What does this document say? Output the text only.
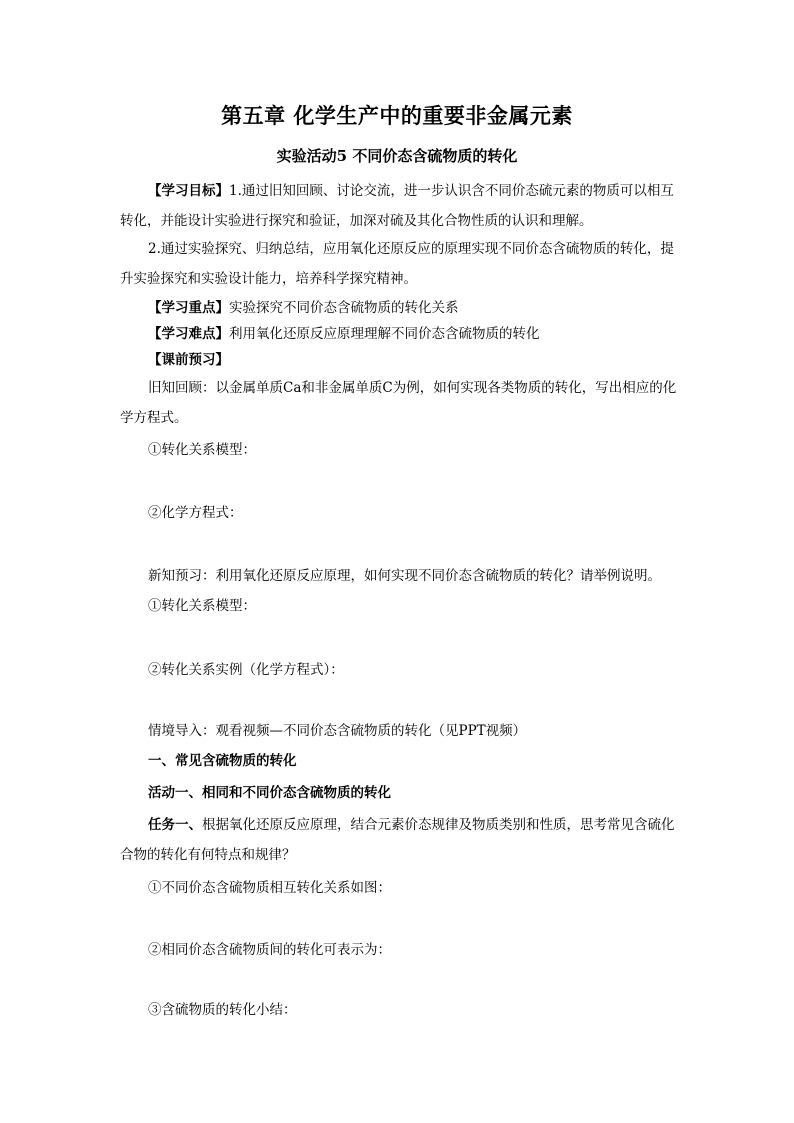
第五章 化学生产中的重要非金属元素
实验活动5 不同价态含硫物质的转化

【学习目标】1.通过旧知回顾、讨论交流，进一步认识含不同价态硫元素的物质可以相互转化，并能设计实验进行探究和验证，加深对硫及其化合物性质的认识和理解。

2.通过实验探究、归纳总结，应用氧化还原反应的原理实现不同价态含硫物质的转化，提升实验探究和实验设计能力，培养科学探究精神。

【学习重点】实验探究不同价态含硫物质的转化关系
【学习难点】利用氧化还原反应原理理解不同价态含硫物质的转化
【课前预习】

旧知回顾：以金属单质Ca和非金属单质C为例，如何实现各类物质的转化，写出相应的化学方程式。

①转化关系模型：
②化学方程式：
新知预习：利用氧化还原反应原理，如何实现不同价态含硫物质的转化？请举例说明。
①转化关系模型：
②转化关系实例（化学方程式）：
情境导入：观看视频—不同价态含硫物质的转化（见PPT视频）
一、常见含硫物质的转化
活动一、相同和不同价态含硫物质的转化

任务一、根据氧化还原反应原理，结合元素价态规律及物质类别和性质，思考常见含硫化合物的转化有何特点和规律？

①不同价态含硫物质相互转化关系如图：
②相同价态含硫物质间的转化可表示为：
③含硫物质的转化小结：
